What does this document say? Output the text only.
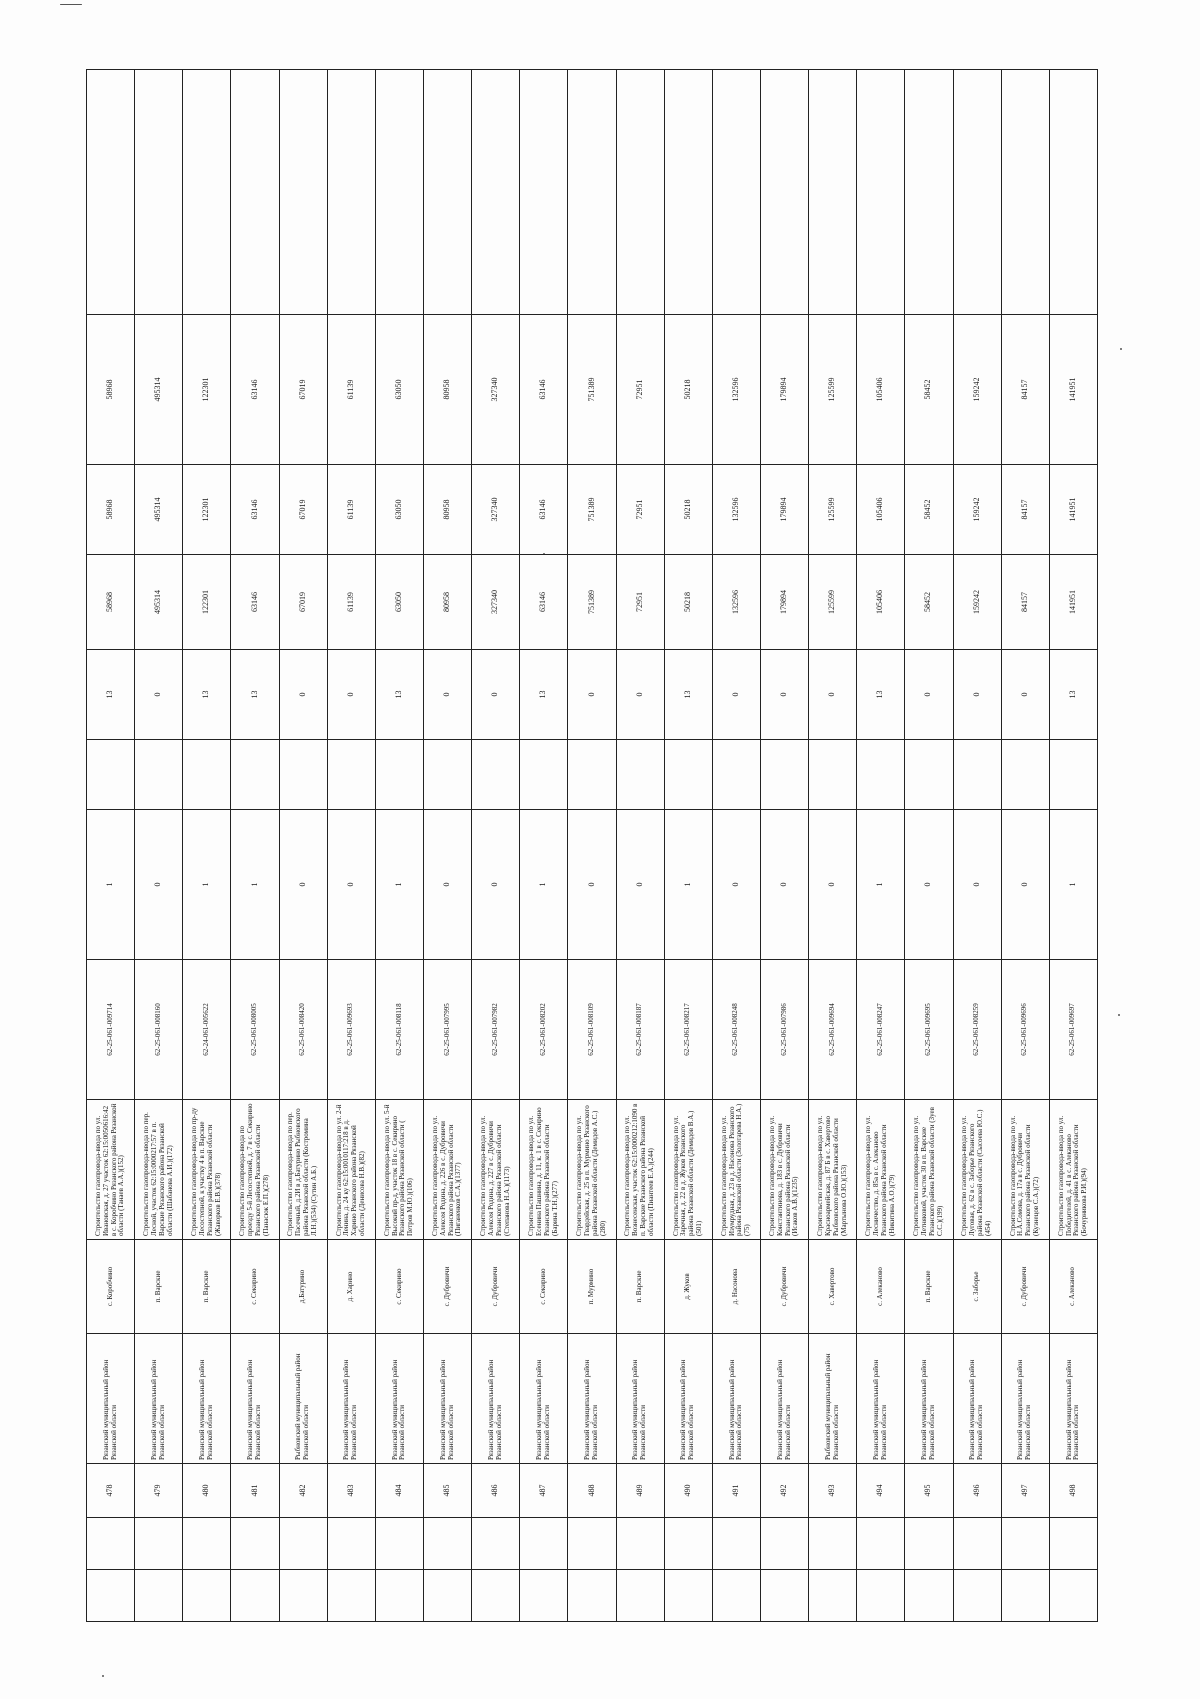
		478	Рязанский муниципальный район Рязанской области	с. Коробчино	Строительство газопровода-ввода по ул. Ивановская, д. 27 участок 62:15:0050616:42 в с. Коробчино Рязанского района Рязанской области (Танаев А.А.)(152)	62-25-061-009714	1		13	58968	58968	58968	
		479	Рязанский муниципальный район Рязанской области	п. Варские	Строительство газопровода-ввода по пер. Лесной, участок 62:15:0000217:57 в п. Варские Рязанского района Рязанской области (Шабанова А.И.)(172)	62-25-061-008160	0		0	495314	495314	495314	
		480	Рязанский муниципальный район Рязанской области	п. Варские	Строительство газопровода-ввода по пр-ду Лесостепной, к участку 4 в п. Варские Рязанского района Рязанской области (Жаворков Е.В.)(378)	62-24-061-005622	1		13	122301	122301	122301	
		481	Рязанский муниципальный район Рязанской области	с. Секирино	Строительство газопровода-ввода по проезду 5-й Лесостепной, д. 7 в с. Секирино Рязанского района Рязанской области (Панасюк Е.П.)(278)	62-25-061-008005	1		13	63146	63146	63146	
		482	Рыбновский муниципальный район Рязанской области	д.Батурино	Строительство газопровода-ввода по пер. Пасечный, д.2И в д.Батурино Рыбновского района Рязанской области (Костромина Л.Н.)(534) (Сутин А.Б.)	62-25-061-008420	0		0	67019	67019	67019	
		483	Рязанский муниципальный район Рязанской области	д. Харино	Строительство газопровода-ввода по ул. 2-й Ленина, д. 24 ку 62:15:0010117:218 в д. Харино Рязанского района Рязанской области (Денисова Н.В.)(82)	62-25-061-009693	0		0	61139	61139	61139	
		484	Рязанский муниципальный район Рязанской области	с. Секирино	Строительство газопровода-ввода по ул. 5-й Высокий пр-д, участок 18 в с. Секирино Рязанского района Рязанской области ( Петров М.Ю.)(106)	62-25-061-008118	1		13	63050	63050	63050	
		485	Рязанский муниципальный район Рязанской области	с. Дубровичи	Строительство газопровода-ввода по ул. Алексея Родина, д. 226 в с. Дубровичи Рязанского района Рязанской области (Пиганенков С.А.)(1377)	62-25-061-007995	0		0	80958	80958	80958	
		486	Рязанский муниципальный район Рязанской области	с. Дубровичи	Строительство газопровода-ввода по ул. Алексея Родина, д. 227 в с. Дубровичи Рязанского района Рязанской области (Степанова Н.А.)(1173)	62-25-061-007982	0		0	327340	327340	327340	
		487	Рязанский муниципальный район Рязанской области	с. Секирино	Строительство газопровода-ввода по ул. Есенина Пашнина, д. 11, к. 1 в с. Секирино Рязанского района Рязанской области (Барина Т.Н.)(277)	62-25-061-008202	1		13	63146	63146	63146	
		488	Рязанский муниципальный район Рязанской области	п. Мурмино	Строительство газопровода-ввода по ул. Гвардейская, д. 25 в п. Мурмино Рязанского района Рязанской области (Демидов А.С.)(280)	62-25-061-008109	0		0	751389	751389	751389	
		489	Рязанский муниципальный район Рязанской области	п. Варские	Строительство газопровода-ввода по ул. Вознесенская, участок 62:15:0000212:1090 в п. Варские Рязанского района Рязанской области (Пиантеев Е.А.)(244)	62-25-061-008187	0		0	72951	72951	72951	
		490	Рязанский муниципальный район Рязанской области	д. Жуков	Строительство газопровода-ввода по ул. Заречная, д. 22 в д. Жуков Рязанского района Рязанской области (Демидов В.А.)(501)	62-25-061-008217	1		13	50218	50218	50218	
		491	Рязанский муниципальный район Рязанской области	д. Насонова	Строительство газопровода-ввода по ул. Изумрудная, д. 23 в д. Насонова Рязанского района Рязанской области (Золотарева Н.А.)(75)	62-25-061-008248	0		0	132596	132596	132596	
		492	Рязанский муниципальный район Рязанской области	с. Дубровичи	Строительство газопровода-ввода по ул. Константинова, д. 183 в с. Дубровичи Рязанского района Рязанской области (Исаков А.В.)(1235)	62-25-061-007986	0		0	179894	179894	179894	
		493	Рыбновский муниципальный район Рязанской области	с. Хавертово	Строительство газопровода-ввода по ул. Красноармейская, д. 87 Б в с. Хавертово Рыбновского района Рязанской области (Мартынова О.Ю.)(153)	62-25-061-009694	0		0	125599	125599	125599	
		494	Рязанский муниципальный район Рязанской области	с. Алеканово	Строительство газопровода-ввода по ул. Лесничество, д. 85а в с. Алеканово Рязанского района Рязанской области (Никитина А.О.)(79)	62-25-061-008247	1		13	105406	105406	105406	
		495	Рязанский муниципальный район Рязанской области	п. Варские	Строительство газопровода-ввода по ул. Летняковой, участок 30 в п. Варские Рязанского района Рязанской области (Зуев С.С.)(199)	62-25-061-009695	0		0	58452	58452	58452	
		496	Рязанский муниципальный район Рязанской области	с. Заборье	Строительство газопровода-ввода по ул. Луговая, д. 62 в с. Заборье Рязанского района Рязанской области (Сысоева Ю.С.)(454)	62-25-061-008259	0		0	159242	159242	159242	
		497	Рязанский муниципальный район Рязанской области	с. Дубровичи	Строительство газопровода-ввода по ул. Н.А.Сомова, д. 17а в с. Дубровичи Рязанского района Рязанской области (Кузнецов С.А.)(72)	62-25-061-009696	0		0	84157	84157	84157	
		498	Рязанский муниципальный район Рязанской области	с. Алеканово	Строительство газопровода-ввода по ул. Победителей, д. 41 в с. Алеканово Рязанского района Рязанской области (Бочурникова Р.И.)(94)	62-25-061-009697	1		13	141951	141951	141951	
